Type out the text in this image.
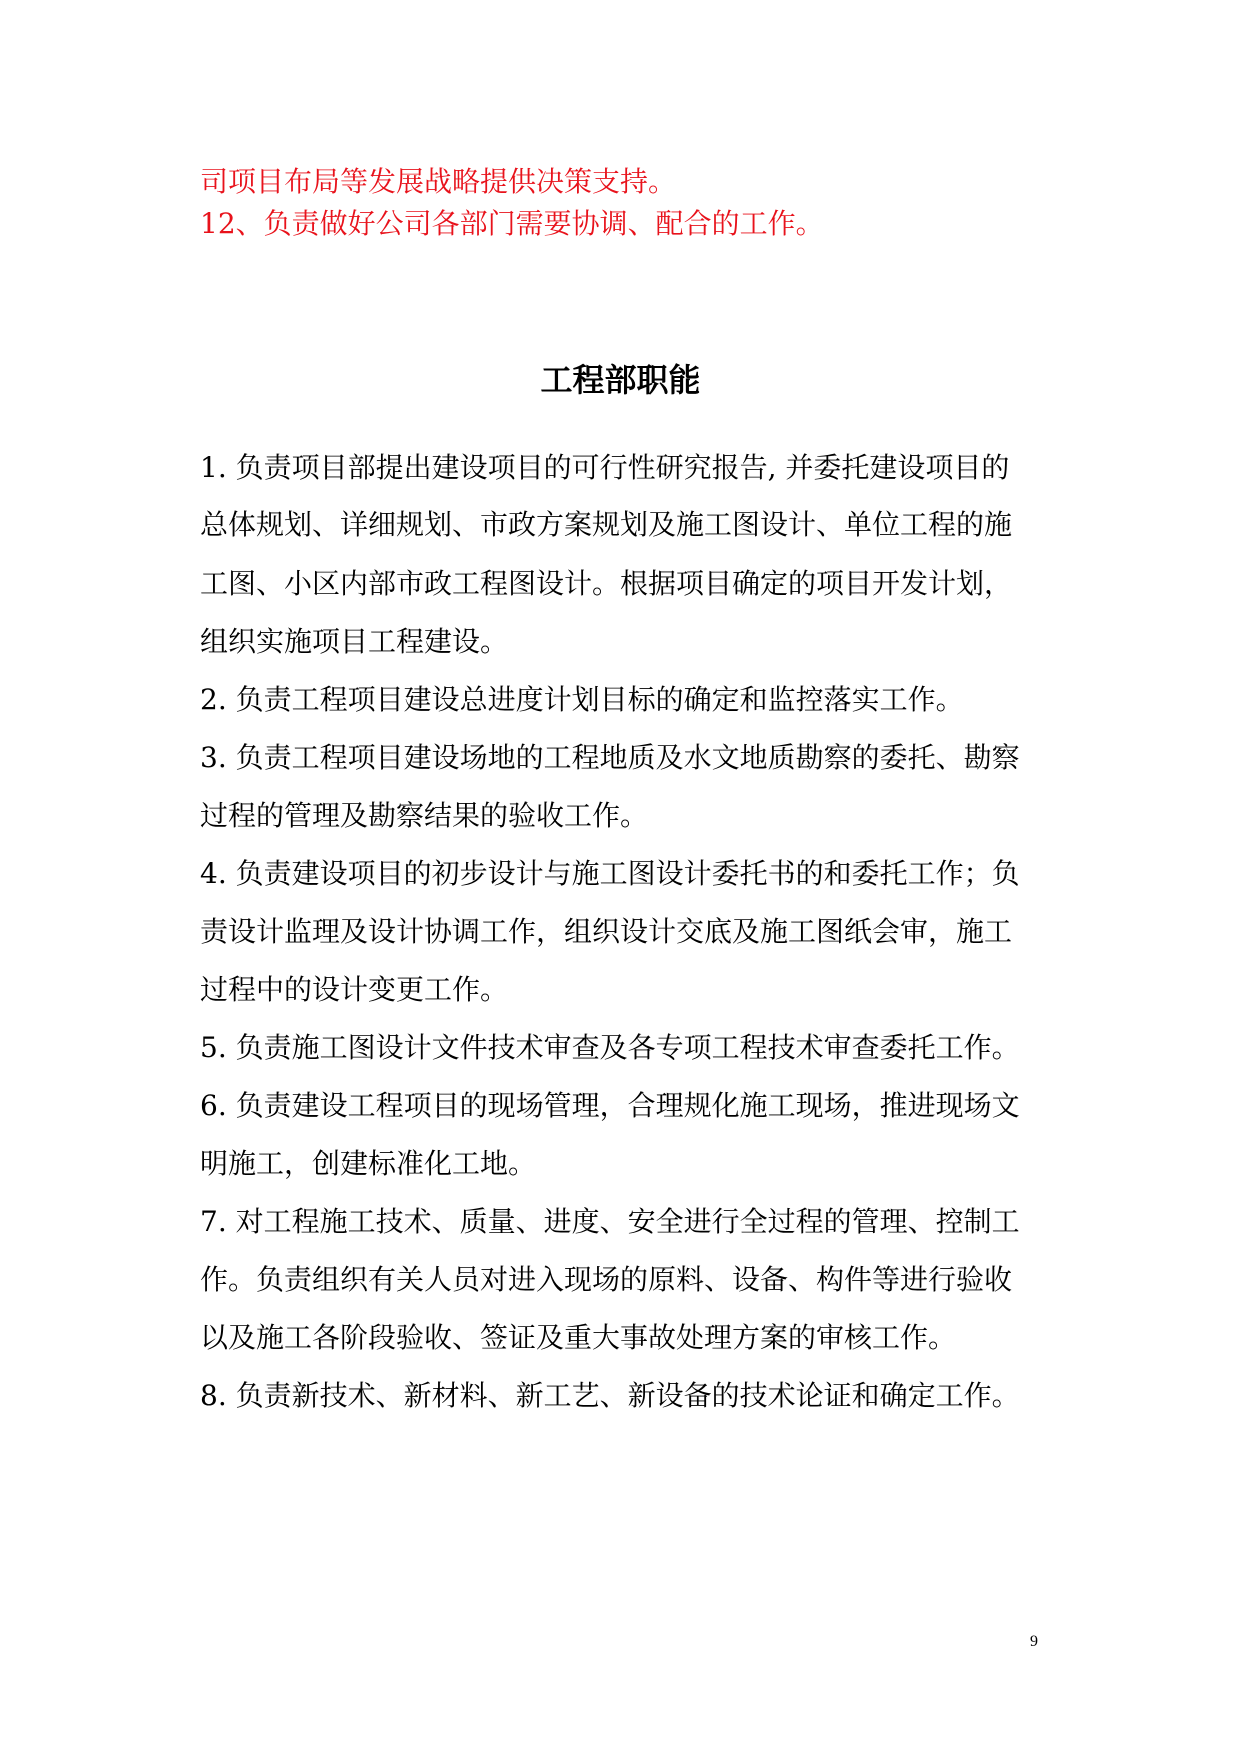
司项目布局等发展战略提供决策支持。
12、负责做好公司各部门需要协调、配合的工作。
工程部职能
1. 负责项目部提出建设项目的可行性研究报告, 并委托建设项目的
总体规划、详细规划、市政方案规划及施工图设计、单位工程的施
工图、小区内部市政工程图设计。根据项目确定的项目开发计划，
组织实施项目工程建设。
2. 负责工程项目建设总进度计划目标的确定和监控落实工作。
3. 负责工程项目建设场地的工程地质及水文地质勘察的委托、勘察
过程的管理及勘察结果的验收工作。
4. 负责建设项目的初步设计与施工图设计委托书的和委托工作；负
责设计监理及设计协调工作，组织设计交底及施工图纸会审，施工
过程中的设计变更工作。
5. 负责施工图设计文件技术审查及各专项工程技术审查委托工作。
6. 负责建设工程项目的现场管理，合理规化施工现场，推进现场文
明施工，创建标准化工地。
7. 对工程施工技术、质量、进度、安全进行全过程的管理、控制工
作。负责组织有关人员对进入现场的原料、设备、构件等进行验收
以及施工各阶段验收、签证及重大事故处理方案的审核工作。
8. 负责新技术、新材料、新工艺、新设备的技术论证和确定工作。
9
